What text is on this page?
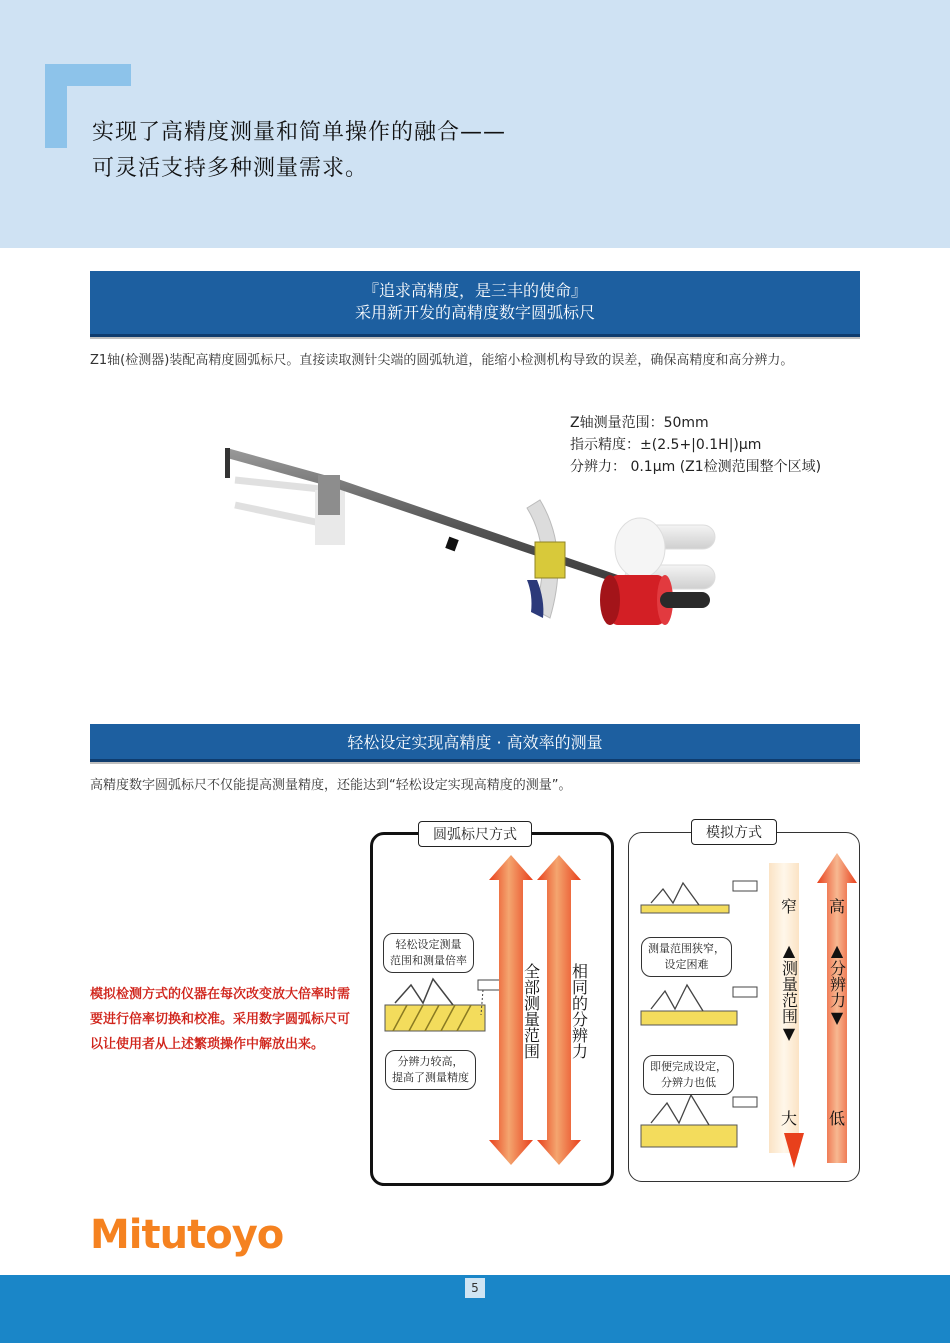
实现了高精度测量和简单操作的融合——
可灵活支持多种测量需求。
『追求高精度，是三丰的使命』
采用新开发的高精度数字圆弧标尺
Z1轴(检测器)装配高精度圆弧标尺。直接读取测针尖端的圆弧轨道，能缩小检测机构导致的误差，确保高精度和高分辨力。
Z轴测量范围：50mm
指示精度：±(2.5+|0.1H|)μm
分辨力： 0.1μm (Z1检测范围整个区域)
轻松设定实现高精度 · 高效率的测量
高精度数字圆弧标尺不仅能提高测量精度，还能达到“轻松设定实现高精度的测量”。
模拟检测方式的仪器在每次改变放大倍率时需要进行倍率切换和校准。采用数字圆弧标尺可以让使用者从上述繁琐操作中解放出来。
圆弧标尺方式
轻松设定测量
范围和测量倍率
分辨力较高，
提高了测量精度
全部测量范围 相同的分辨力
模拟方式
测量范围狭窄，
设定困难
即便完成设定，
分辨力也低
窄
▲测量范围▼
大
高
▲分辨力▼
低
Mitutoyo
5
